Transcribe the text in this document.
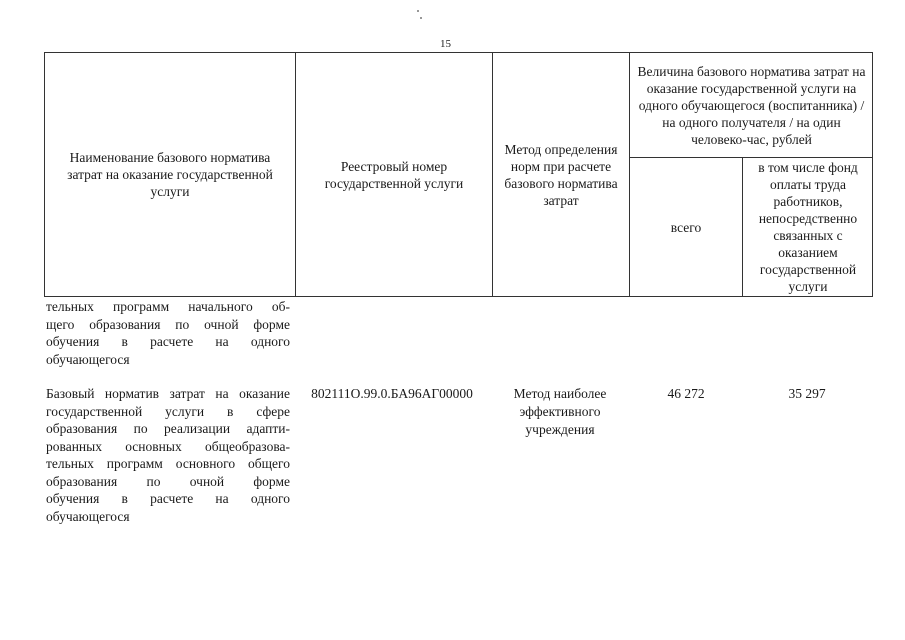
15
Наименование базового норматива затрат на оказание государственной услуги
Реестровый номер государственной услуги
Метод определения норм при расчете базового норматива затрат
Величина базового норматива затрат на оказание государственной услуги на одного обучающегося (воспитанника) / на одного получателя / на один человеко-час, рублей
всего
в том числе фонд оплаты труда работников, непосредственно связанных с оказанием государственной услуги
тельных программ начального об-
щего образования по очной форме
обучения в расчете на одного
обучающегося
Базовый норматив затрат на оказание
государственной услуги в сфере
образования по реализации адапти-
рованных основных общеобразова-
тельных программ основного общего
образования по очной форме
обучения в расчете на одного
обучающегося
802111О.99.0.БА96АГ00000	Метод наиболее эффективного учреждения
46 272	35 297
